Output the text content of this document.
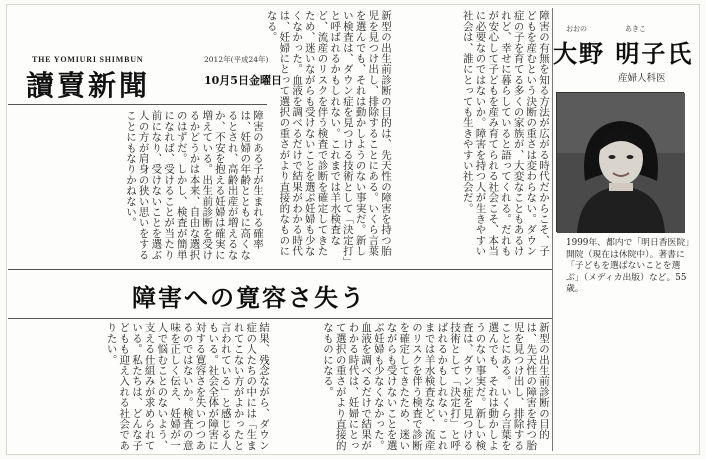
THE YOMIURI SHIMBUN
讀賣新聞
2012年(平成24年)
10月5日金曜日	新型の出生前診断の目的は、先天性の障害を持つ胎児を見つけ出し、排除することにある。いくら言葉を選んでも、それは動かしようのない事実だ。新しい検査は、ダウン症を見つける技術として「決定打」と呼ばれるかもしれない。これまでは羊水検査など、流産のリスクを伴う検査で診断を確定してきたため、迷いながらも受けないことを選ぶ妊婦も少なくなかった。血液を調べるだけで結果がわかる時代は、妊婦にとって選択の重さがより直接的なものになる。	障害の有無を知る方法が広がる時代だからこそ、子どもを産むという決断の重さは変わらない。ダウン症の子を育てる多くの家族が、大変なこともあるけれど、幸せに暮らしていると語ってくれる。だれもが安心して子どもを産み育てられる社会こそ、本当に必要なのではないか。障害を持つ人が生きやすい社会は、誰にとっても生きやすい社会だ。
障害のある子が生まれる確率は、妊婦の年齢とともに高くなるとされ、高齢出産が増えるなか、不安を抱える妊婦は確実に増えている。出生前診断を受けるかどうかは本来、自由な選択のはずだ。しかし、検査が簡単になれば、受けることが当たり前になり、受けないことを選ぶ人の方が肩身の狭い思いをすることにもなりかねない。
障害への寛容さ失う
結果、残念ながら、ダウン症の人たちの中には「生まれてこない方がよかったと言われている」と感じる人もいる。社会全体が障害に対する寛容さを失いつつあるのではないか。検査の意味を正しく伝え、妊婦が一人で悩むことのないよう、支える仕組みが求められている。私たちは、どんな子どもも迎え入れる社会でありたい。	新型の出生前診断の目的は、先天性の障害を持つ胎児を見つけ出し、排除することにある。いくら言葉を選んでも、それは動かしようのない事実だ。新しい検査は、ダウン症を見つける技術として「決定打」と呼ばれるかもしれない。これまでは羊水検査など、流産のリスクを伴う検査で診断を確定してきたため、迷いながらも受けないことを選ぶ妊婦も少なくなかった。血液を調べるだけで結果がわかる時代は、妊婦にとって選択の重さがより直接的なものになる。
おおの	あきこ
大野 明子氏
産婦人科医
1999年、都内で「明日香医院」開院（現在は休院中）。著書に「子どもを選ばないことを選ぶ」（メディカ出版）など。55歳。
